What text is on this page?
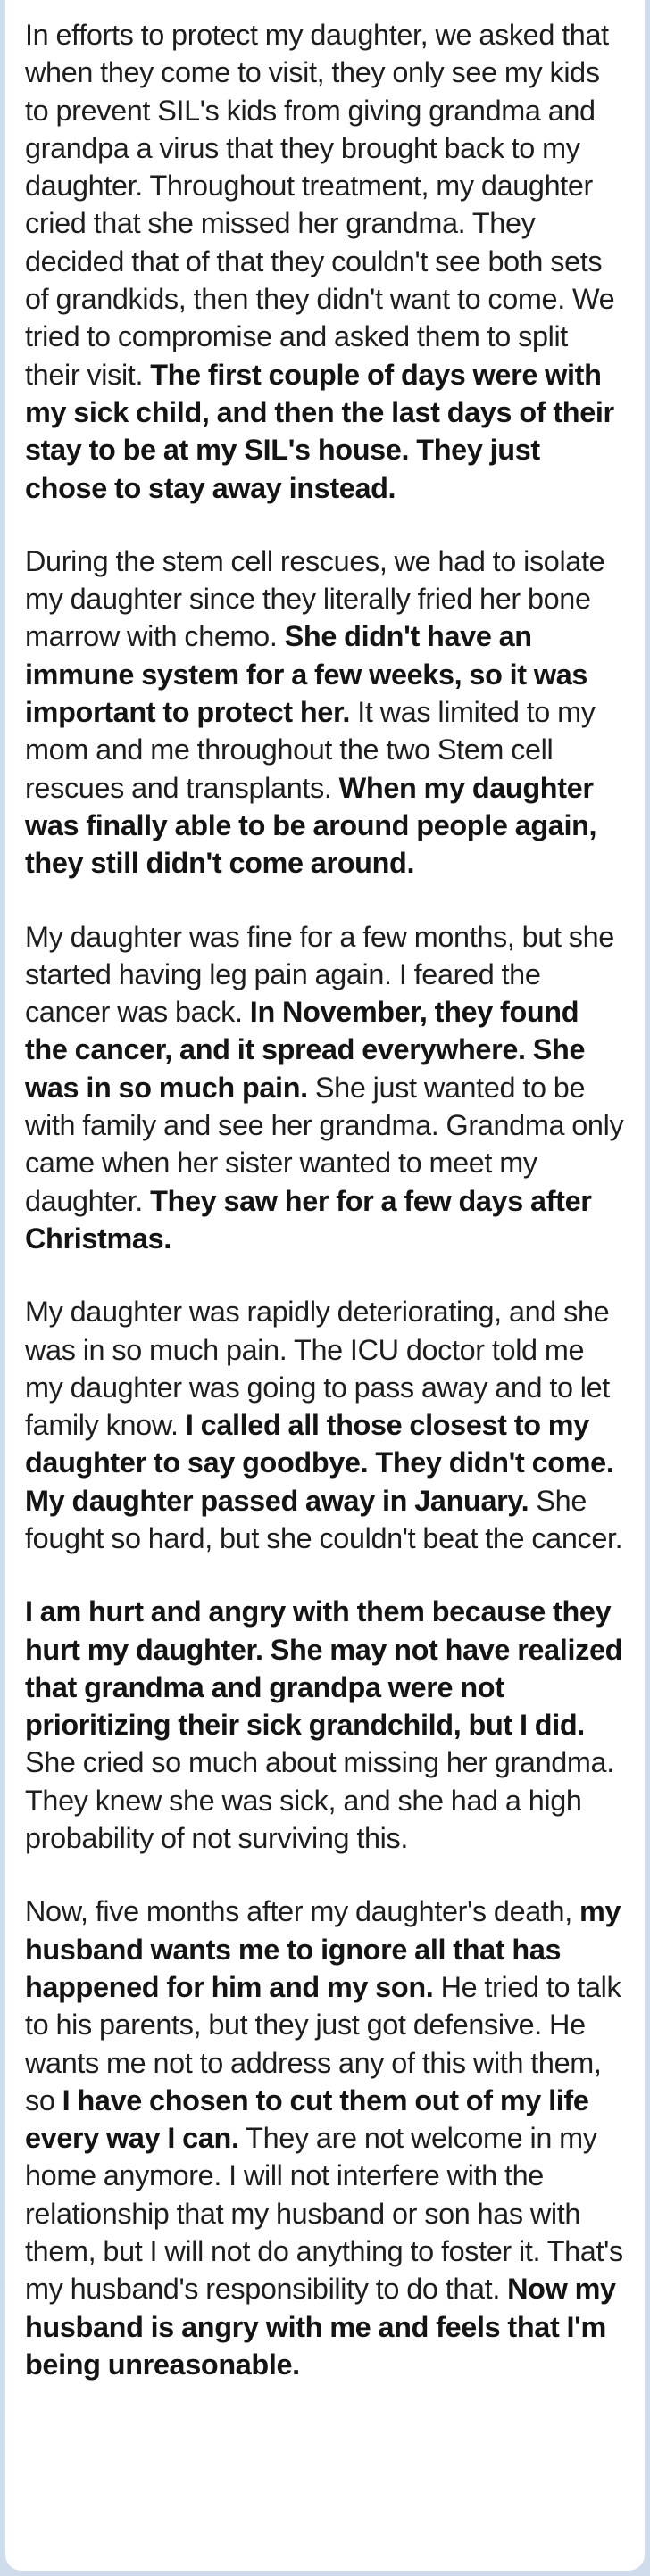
In efforts to protect my daughter, we asked that when they come to visit, they only see my kids to prevent SIL's kids from giving grandma and grandpa a virus that they brought back to my daughter. Throughout treatment, my daughter cried that she missed her grandma. They decided that of that they couldn't see both sets of grandkids, then they didn't want to come. We tried to compromise and asked them to split their visit. The first couple of days were with my sick child, and then the last days of their stay to be at my SIL's house. They just chose to stay away instead.

During the stem cell rescues, we had to isolate my daughter since they literally fried her bone marrow with chemo. She didn't have an immune system for a few weeks, so it was important to protect her. It was limited to my mom and me throughout the two Stem cell rescues and transplants. When my daughter was finally able to be around people again, they still didn't come around.

My daughter was fine for a few months, but she started having leg pain again. I feared the cancer was back. In November, they found the cancer, and it spread everywhere. She was in so much pain. She just wanted to be with family and see her grandma. Grandma only came when her sister wanted to meet my daughter. They saw her for a few days after Christmas.

My daughter was rapidly deteriorating, and she was in so much pain. The ICU doctor told me my daughter was going to pass away and to let family know. I called all those closest to my daughter to say goodbye. They didn't come. My daughter passed away in January. She fought so hard, but she couldn't beat the cancer.

I am hurt and angry with them because they hurt my daughter. She may not have realized that grandma and grandpa were not prioritizing their sick grandchild, but I did. She cried so much about missing her grandma. They knew she was sick, and she had a high probability of not surviving this.

Now, five months after my daughter's death, my husband wants me to ignore all that has happened for him and my son. He tried to talk to his parents, but they just got defensive. He wants me not to address any of this with them, so I have chosen to cut them out of my life every way I can. They are not welcome in my home anymore. I will not interfere with the relationship that my husband or son has with them, but I will not do anything to foster it. That's my husband's responsibility to do that. Now my husband is angry with me and feels that I'm being unreasonable.
